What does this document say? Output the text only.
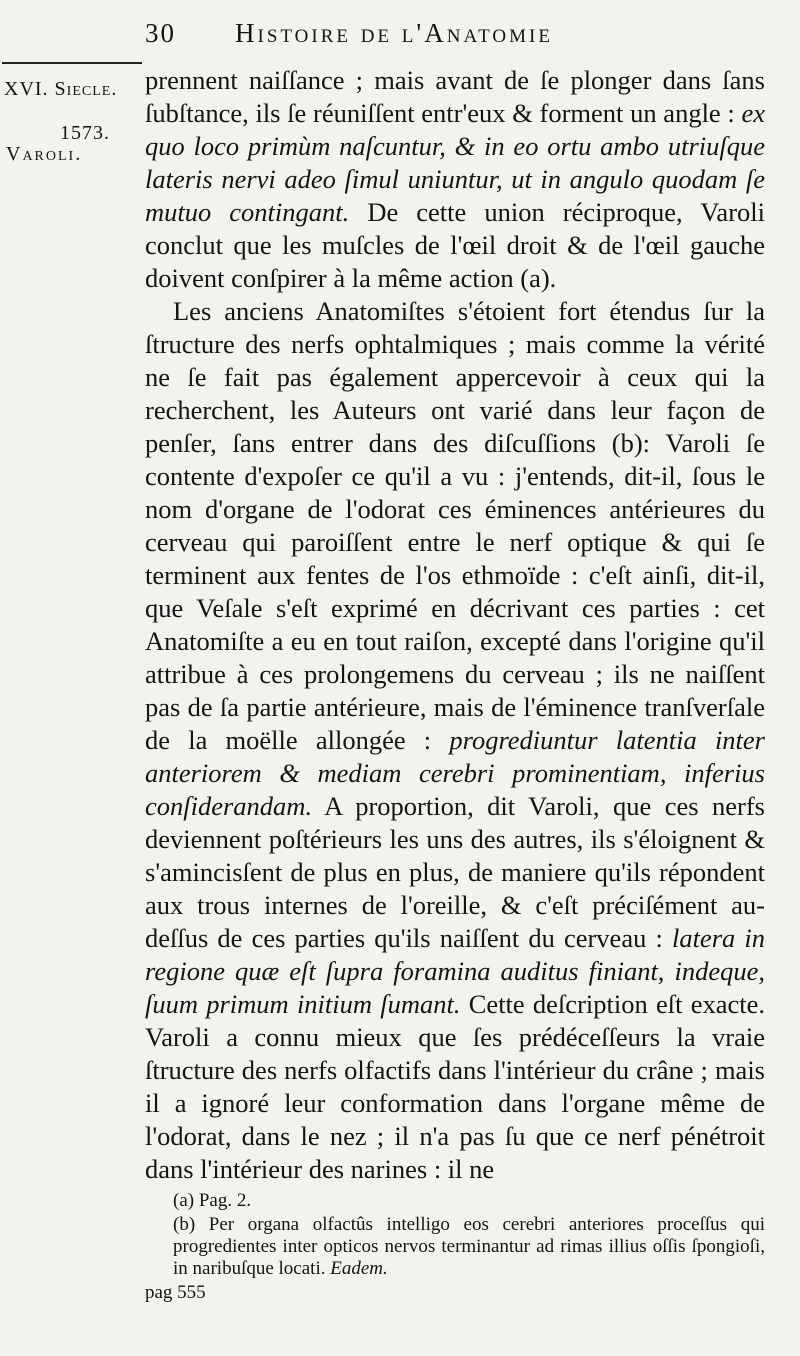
30 Histoire de l'Anatomie
XVI. Siecle.
1573.
Varoli.

prennent naiſſance ; mais avant de ſe plonger dans ſans ſubſtance, ils ſe réuniſſent entr'eux & forment un angle : ex quo loco primùm naſcuntur, & in eo ortu ambo utriuſque lateris nervi adeo ſimul uniuntur, ut in angulo quodam ſe mutuo contingant. De cette union réciproque, Varoli conclut que les muſcles de l'œil droit & de l'œil gauche doivent conſpirer à la même action (a).

Les anciens Anatomiſtes s'étoient fort étendus ſur la ſtructure des nerfs ophtalmiques ; mais comme la vérité ne ſe fait pas également appercevoir à ceux qui la recherchent, les Auteurs ont varié dans leur façon de penſer, ſans entrer dans des diſcuſſions (b): Varoli ſe contente d'expoſer ce qu'il a vu : j'entends, dit-il, ſous le nom d'organe de l'odorat ces éminences antérieures du cerveau qui paroiſſent entre le nerf optique & qui ſe terminent aux fentes de l'os ethmoïde : c'eſt ainſi, dit-il, que Veſale s'eſt exprimé en décrivant ces parties : cet Anatomiſte a eu en tout raiſon, excepté dans l'origine qu'il attribue à ces prolongemens du cerveau ; ils ne naiſſent pas de ſa partie antérieure, mais de l'éminence tranſverſale de la moëlle allongée : progrediuntur latentia inter anteriorem & mediam cerebri prominentiam, inferius conſiderandam. A proportion, dit Varoli, que ces nerfs deviennent poſtérieurs les uns des autres, ils s'éloignent & s'amincisſent de plus en plus, de maniere qu'ils répondent aux trous internes de l'oreille, & c'eſt préciſément au-deſſus de ces parties qu'ils naiſſent du cerveau : latera in regione quæ eſt ſupra foramina auditus finiant, indeque, ſuum primum initium ſumant. Cette deſcription eſt exacte. Varoli a connu mieux que ſes prédéceſſeurs la vraie ſtructure des nerfs olfactifs dans l'intérieur du crâne ; mais il a ignoré leur conformation dans l'organe même de l'odorat, dans le nez ; il n'a pas ſu que ce nerf pénétroit dans l'intérieur des narines : il ne

(a) Pag. 2.

(b) Per organa olfactûs intelligo eos cerebri anteriores proceſſus qui progredientes inter opticos nervos terminantur ad rimas illius oſſis ſpongioſi, in naribuſque locati. Eadem.

pag 555
